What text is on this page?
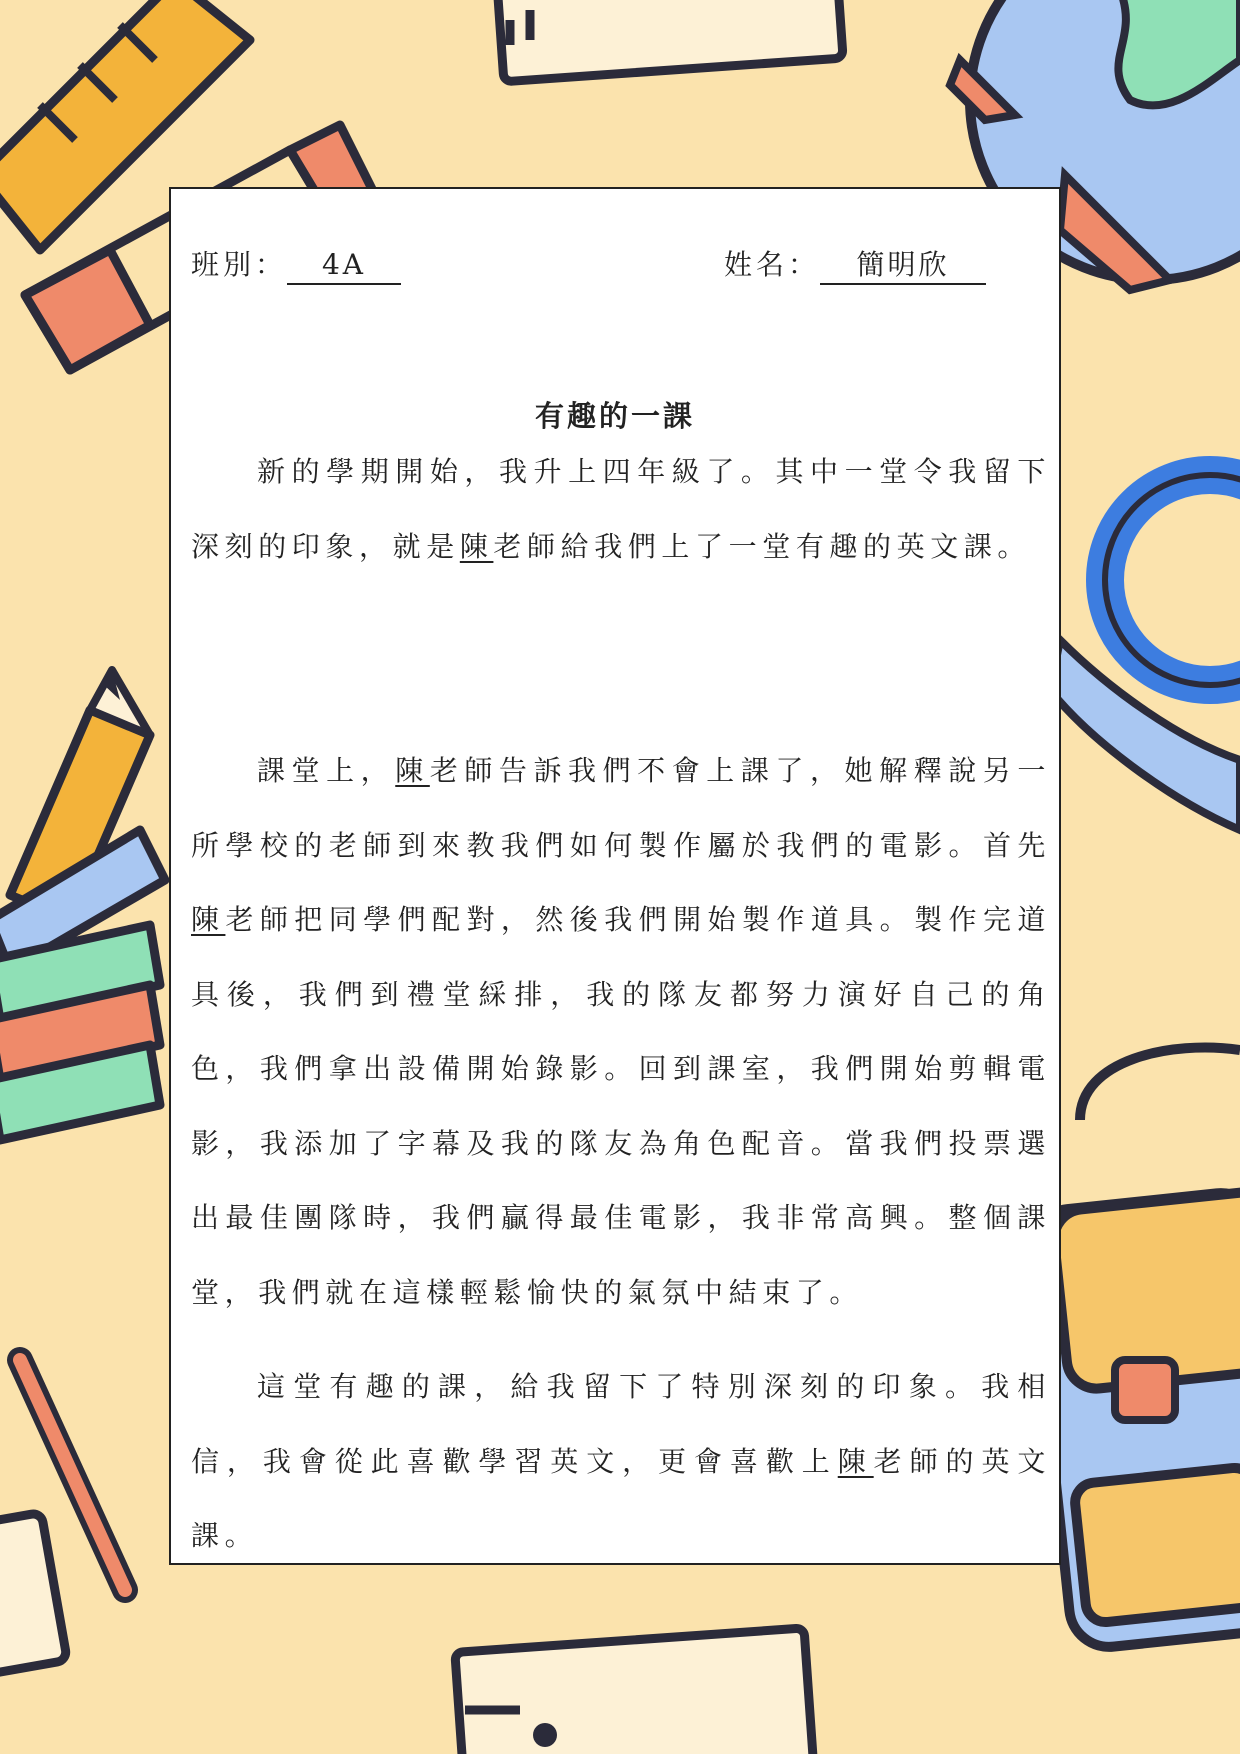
班別： 4A	姓名： 簡明欣
有趣的一課
新的學期開始，我升上四年級了。其中一堂令我留下深刻的印象，就是陳老師給我們上了一堂有趣的英文課。
課堂上，陳老師告訴我們不會上課了，她解釋說另一所學校的老師到來教我們如何製作屬於我們的電影。首先陳老師把同學們配對，然後我們開始製作道具。製作完道具後，我們到禮堂綵排，我的隊友都努力演好自己的角色，我們拿出設備開始錄影。回到課室，我們開始剪輯電影，我添加了字幕及我的隊友為角色配音。當我們投票選出最佳團隊時，我們贏得最佳電影，我非常高興。整個課堂，我們就在這樣輕鬆愉快的氣氛中結束了。
這堂有趣的課，給我留下了特別深刻的印象。我相信，我會從此喜歡學習英文，更會喜歡上陳老師的英文課。
